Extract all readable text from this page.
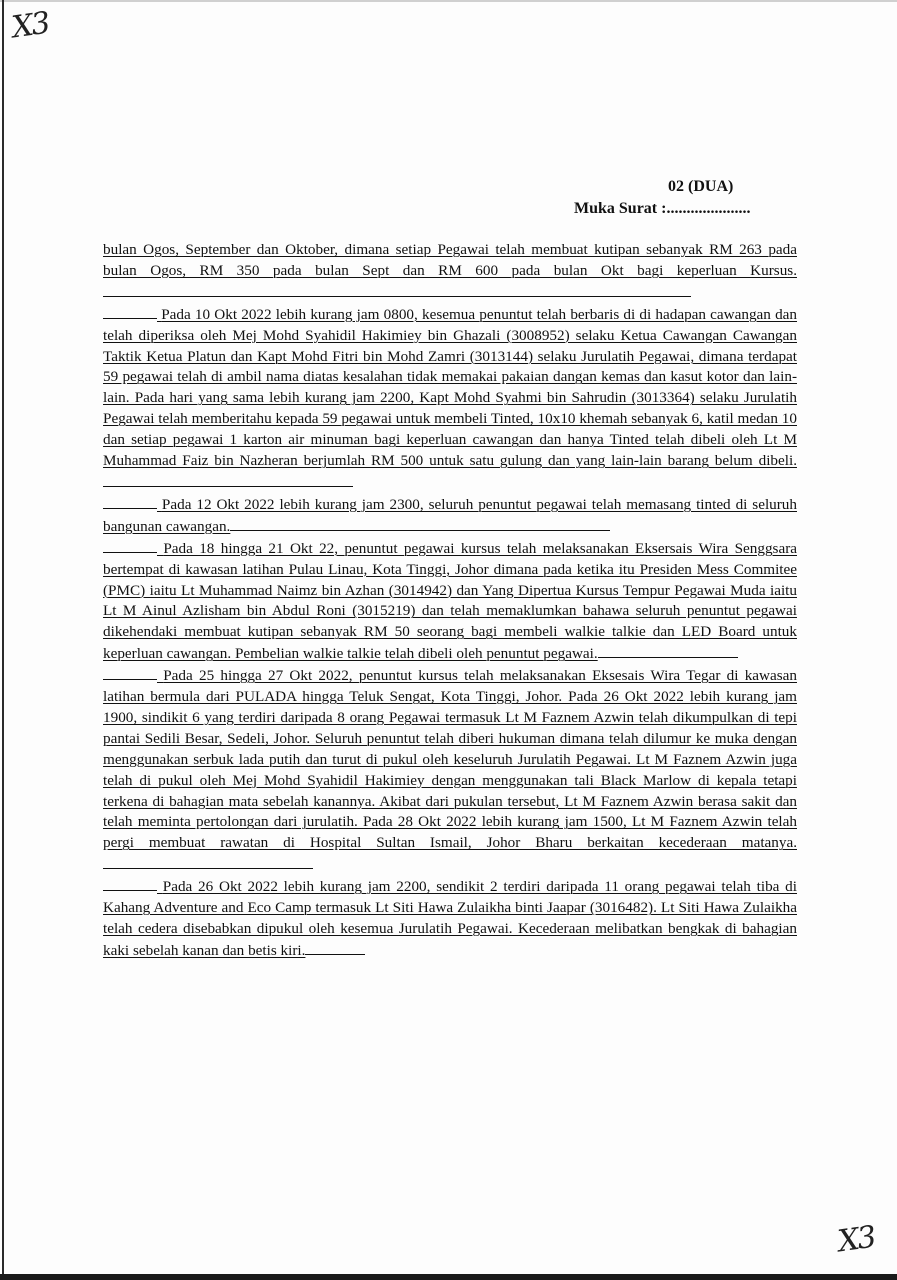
X3
02 (DUA)
Muka Surat :.....................

bulan Ogos, September dan Oktober, dimana setiap Pegawai telah membuat kutipan sebanyak RM 263 pada bulan Ogos, RM 350 pada bulan Sept dan RM 600 pada bulan Okt bagi keperluan Kursus.

Pada 10 Okt 2022 lebih kurang jam 0800, kesemua penuntut telah berbaris di di hadapan cawangan dan telah diperiksa oleh Mej Mohd Syahidil Hakimiey bin Ghazali (3008952) selaku Ketua Cawangan Cawangan Taktik Ketua Platun dan Kapt Mohd Fitri bin Mohd Zamri (3013144) selaku Jurulatih Pegawai, dimana terdapat 59 pegawai telah di ambil nama diatas kesalahan tidak memakai pakaian dangan kemas dan kasut kotor dan lain-lain. Pada hari yang sama lebih kurang jam 2200, Kapt Mohd Syahmi bin Sahrudin (3013364) selaku Jurulatih Pegawai telah memberitahu kepada 59 pegawai untuk membeli Tinted, 10x10 khemah sebanyak 6, katil medan 10 dan setiap pegawai 1 karton air minuman bagi keperluan cawangan dan hanya Tinted telah dibeli oleh Lt M Muhammad Faiz bin Nazheran berjumlah RM 500 untuk satu gulung dan yang lain-lain barang belum dibeli.

Pada 12 Okt 2022 lebih kurang jam 2300, seluruh penuntut pegawai telah memasang tinted di seluruh bangunan cawangan.

Pada 18 hingga 21 Okt 22, penuntut pegawai kursus telah melaksanakan Eksersais Wira Senggsara bertempat di kawasan latihan Pulau Linau, Kota Tinggi, Johor dimana pada ketika itu Presiden Mess Commitee (PMC) iaitu Lt Muhammad Naimz bin Azhan (3014942) dan Yang Dipertua Kursus Tempur Pegawai Muda iaitu Lt M Ainul Azlisham bin Abdul Roni (3015219) dan telah memaklumkan bahawa seluruh penuntut pegawai dikehendaki membuat kutipan sebanyak RM 50 seorang bagi membeli walkie talkie dan LED Board untuk keperluan cawangan. Pembelian walkie talkie telah dibeli oleh penuntut pegawai.

Pada 25 hingga 27 Okt 2022, penuntut kursus telah melaksanakan Eksesais Wira Tegar di kawasan latihan bermula dari PULADA hingga Teluk Sengat, Kota Tinggi, Johor. Pada 26 Okt 2022 lebih kurang jam 1900, sindikit 6 yang terdiri daripada 8 orang Pegawai termasuk Lt M Faznem Azwin telah dikumpulkan di tepi pantai Sedili Besar, Sedeli, Johor. Seluruh penuntut telah diberi hukuman dimana telah dilumur ke muka dengan menggunakan serbuk lada putih dan turut di pukul oleh keseluruh Jurulatih Pegawai. Lt M Faznem Azwin juga telah di pukul oleh Mej Mohd Syahidil Hakimiey dengan menggunakan tali Black Marlow di kepala tetapi terkena di bahagian mata sebelah kanannya. Akibat dari pukulan tersebut, Lt M Faznem Azwin berasa sakit dan telah meminta pertolongan dari jurulatih. Pada 28 Okt 2022 lebih kurang jam 1500, Lt M Faznem Azwin telah pergi membuat rawatan di Hospital Sultan Ismail, Johor Bharu berkaitan kecederaan matanya.

Pada 26 Okt 2022 lebih kurang jam 2200, sendikit 2 terdiri daripada 11 orang pegawai telah tiba di Kahang Adventure and Eco Camp termasuk Lt Siti Hawa Zulaikha binti Jaapar (3016482). Lt Siti Hawa Zulaikha telah cedera disebabkan dipukul oleh kesemua Jurulatih Pegawai. Kecederaan melibatkan bengkak di bahagian kaki sebelah kanan dan betis kiri.

X3
